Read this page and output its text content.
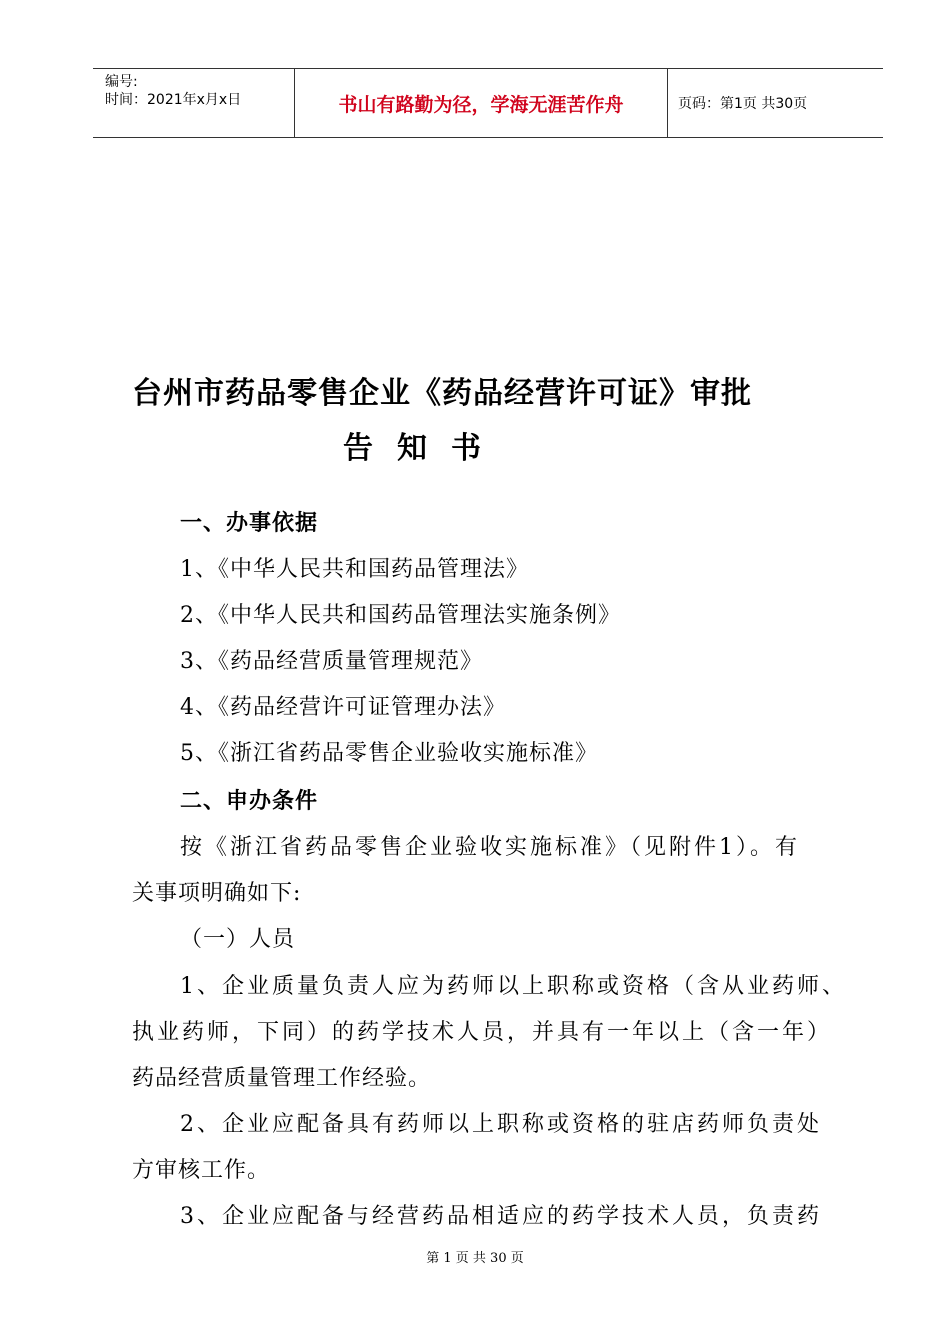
编号:
时间：2021年x月x日	书山有路勤为径，学海无涯苦作舟	页码：第1页 共30页
台州市药品零售企业《药品经营许可证》审批
告知书
一、办事依据
1、《中华人民共和国药品管理法》
2、《中华人民共和国药品管理法实施条例》
3、《药品经营质量管理规范》
4、《药品经营许可证管理办法》
5、《浙江省药品零售企业验收实施标准》
二、申办条件
按《浙江省药品零售企业验收实施标准》（见附件1）。有
关事项明确如下:
（一）人员
1、企业质量负责人应为药师以上职称或资格（含从业药师、
执业药师，下同）的药学技术人员，并具有一年以上（含一年）
药品经营质量管理工作经验。
2、企业应配备具有药师以上职称或资格的驻店药师负责处
方审核工作。
3、企业应配备与经营药品相适应的药学技术人员，负责药
第 1 页 共 30 页
